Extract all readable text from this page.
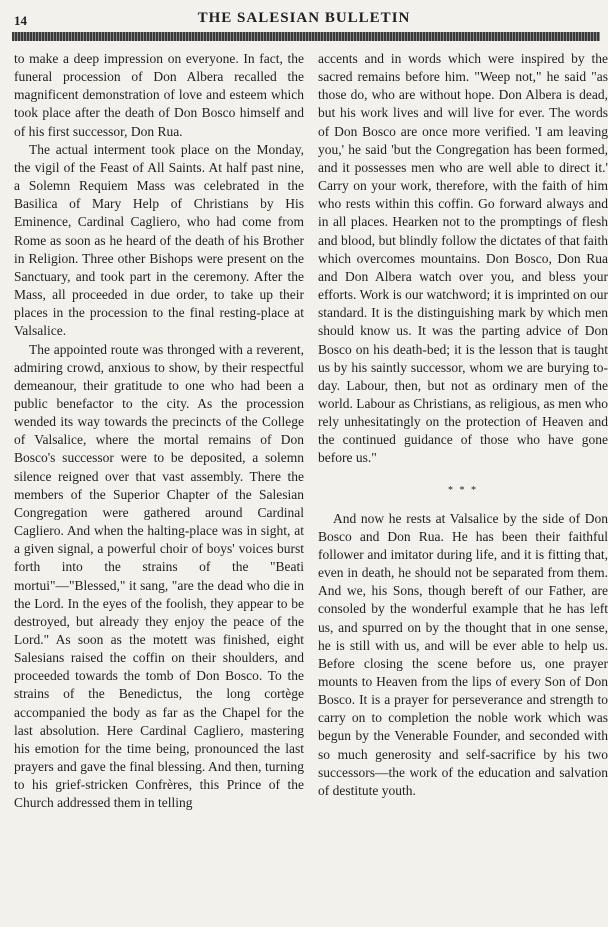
14	THE SALESIAN BULLETIN

to make a deep impression on everyone. In fact, the funeral procession of Don Albera recalled the magnificent demonstration of love and esteem which took place after the death of Don Bosco himself and of his first successor, Don Rua.

The actual interment took place on the Monday, the vigil of the Feast of All Saints. At half past nine, a Solemn Requiem Mass was celebrated in the Basilica of Mary Help of Christians by His Eminence, Cardinal Cagliero, who had come from Rome as soon as he heard of the death of his Brother in Religion. Three other Bishops were present on the Sanctuary, and took part in the ceremony. After the Mass, all proceeded in due order, to take up their places in the procession to the final resting-place at Valsalice.

The appointed route was thronged with a reverent, admiring crowd, anxious to show, by their respectful demeanour, their gratitude to one who had been a public benefactor to the city. As the procession wended its way towards the precincts of the College of Valsalice, where the mortal remains of Don Bosco's successor were to be deposited, a solemn silence reigned over that vast assembly. There the members of the Superior Chapter of the Salesian Congregation were gathered around Cardinal Cagliero. And when the halting-place was in sight, at a given signal, a powerful choir of boys' voices burst forth into the strains of the "Beati mortui"—"Blessed," it sang, "are the dead who die in the Lord. In the eyes of the foolish, they appear to be destroyed, but already they enjoy the peace of the Lord." As soon as the motett was finished, eight Salesians raised the coffin on their shoulders, and proceeded towards the tomb of Don Bosco. To the strains of the Benedictus, the long cortège accompanied the body as far as the Chapel for the last absolution. Here Cardinal Cagliero, mastering his emotion for the time being, pronounced the last prayers and gave the final blessing. And then, turning to his grief-stricken Confrères, this Prince of the Church addressed them in telling

accents and in words which were inspired by the sacred remains before him. "Weep not," he said "as those do, who are without hope. Don Albera is dead, but his work lives and will live for ever. The words of Don Bosco are once more verified. 'I am leaving you,' he said 'but the Congregation has been formed, and it possesses men who are well able to direct it.' Carry on your work, therefore, with the faith of him who rests within this coffin. Go forward always and in all places. Hearken not to the promptings of flesh and blood, but blindly follow the dictates of that faith which overcomes mountains. Don Bosco, Don Rua and Don Albera watch over you, and bless your efforts. Work is our watchword; it is imprinted on our standard. It is the distinguishing mark by which men should know us. It was the parting advice of Don Bosco on his death-bed; it is the lesson that is taught us by his saintly successor, whom we are burying to-day. Labour, then, but not as ordinary men of the world. Labour as Christians, as religious, as men who rely unhesitatingly on the protection of Heaven and the continued guidance of those who have gone before us."

* * *

And now he rests at Valsalice by the side of Don Bosco and Don Rua. He has been their faithful follower and imitator during life, and it is fitting that, even in death, he should not be separated from them. And we, his Sons, though bereft of our Father, are consoled by the wonderful example that he has left us, and spurred on by the thought that in one sense, he is still with us, and will be ever able to help us. Before closing the scene before us, one prayer mounts to Heaven from the lips of every Son of Don Bosco. It is a prayer for perseverance and strength to carry on to completion the noble work which was begun by the Venerable Founder, and seconded with so much generosity and self-sacrifice by his two successors—the work of the education and salvation of destitute youth.
